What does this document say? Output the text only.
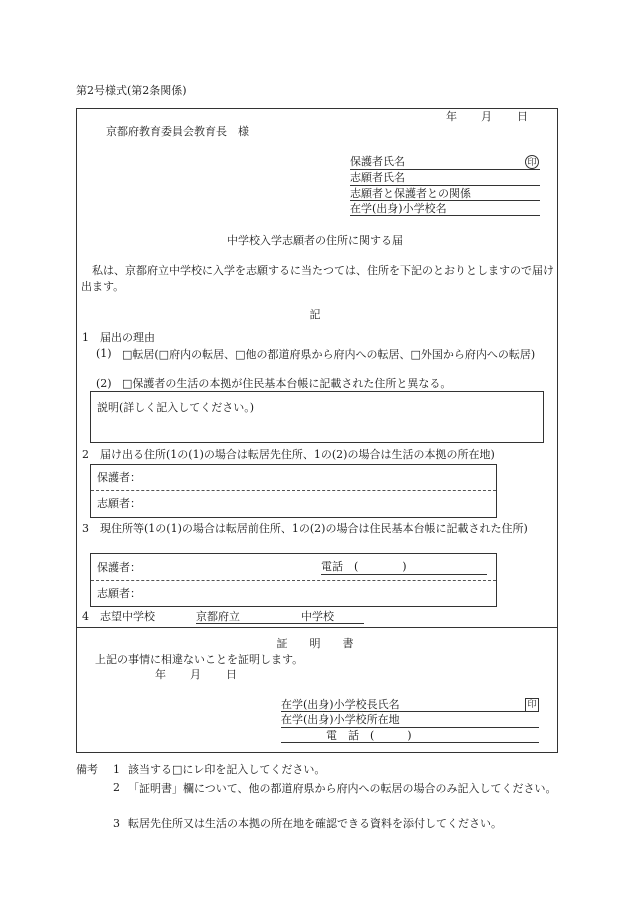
第2号様式(第2条関係)
年 月 日
京都府教育委員会教育長　様
保護者氏名	印
志願者氏名
志願者と保護者との関係
在学(出身)小学校名
中学校入学志願者の住所に関する届
私は、京都府立中学校に入学を志願するに当たつては、住所を下記のとおりとしますので届け出ます。
記
1　届出の理由
(1) □転居(□府内の転居、□他の都道府県から府内への転居、□外国から府内への転居)
(2) □保護者の生活の本拠が住民基本台帳に記載された住所と異なる。
説明(詳しく記入してください。)
2　届け出る住所(1の(1)の場合は転居先住所、1の(2)の場合は生活の本拠の所在地)
保護者：
志願者：
3　現住所等(1の(1)の場合は転居前住所、1の(2)の場合は住民基本台帳に記載された住所)
保護者：	電話　(　　　　)
志願者：
4　志望中学校	京都府立	中学校
証　　明　　書
上記の事情に相違ないことを証明します。
年 月 日
在学(出身)小学校長氏名	印
在学(出身)小学校所在地
電　話　(　　　)
備考 1 該当する□にレ印を記入してください。
2 「証明書」欄について、他の都道府県から府内への転居の場合のみ記入してください。
3 転居先住所又は生活の本拠の所在地を確認できる資料を添付してください。
